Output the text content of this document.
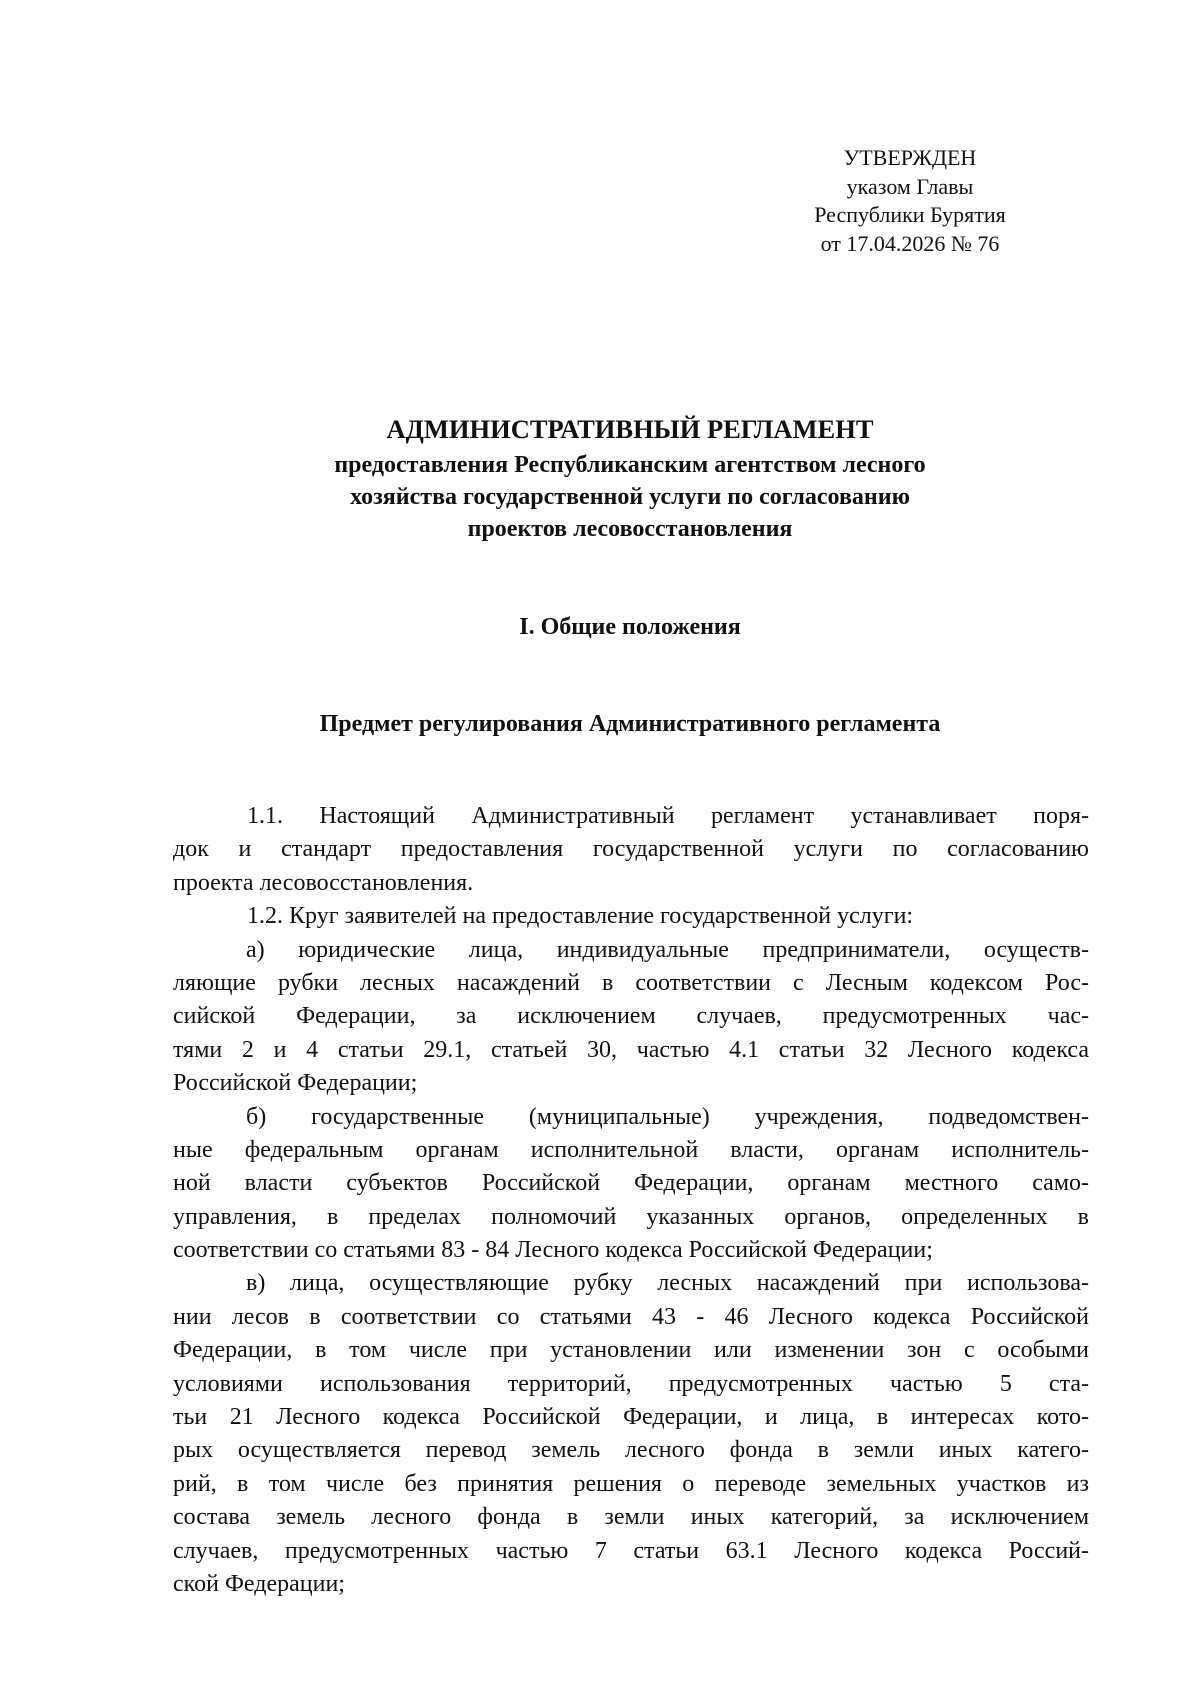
УТВЕРЖДЕН
указом Главы
Республики Бурятия
от 17.04.2026 № 76
АДМИНИСТРАТИВНЫЙ РЕГЛАМЕНТ
предоставления Республиканским агентством лесного
хозяйства государственной услуги по согласованию
проектов лесовосстановления
I. Общие положения
Предмет регулирования Административного регламента
1.1. Настоящий Административный регламент устанавливает поря-
док и стандарт предоставления государственной услуги по согласованию
проекта лесовосстановления.
1.2. Круг заявителей на предоставление государственной услуги:
а) юридические лица, индивидуальные предприниматели, осуществ-
ляющие рубки лесных насаждений в соответствии с Лесным кодексом Рос-
сийской Федерации, за исключением случаев, предусмотренных час-
тями 2 и 4 статьи 29.1, статьей 30, частью 4.1 статьи 32 Лесного кодекса
Российской Федерации;
б) государственные (муниципальные) учреждения, подведомствен-
ные федеральным органам исполнительной власти, органам исполнитель-
ной власти субъектов Российской Федерации, органам местного само-
управления, в пределах полномочий указанных органов, определенных в
соответствии со статьями 83 - 84 Лесного кодекса Российской Федерации;
в) лица, осуществляющие рубку лесных насаждений при использова-
нии лесов в соответствии со статьями 43 - 46 Лесного кодекса Российской
Федерации, в том числе при установлении или изменении зон с особыми
условиями использования территорий, предусмотренных частью 5 ста-
тьи 21 Лесного кодекса Российской Федерации, и лица, в интересах кото-
рых осуществляется перевод земель лесного фонда в земли иных катего-
рий, в том числе без принятия решения о переводе земельных участков из
состава земель лесного фонда в земли иных категорий, за исключением
случаев, предусмотренных частью 7 статьи 63.1 Лесного кодекса Россий-
ской Федерации;
